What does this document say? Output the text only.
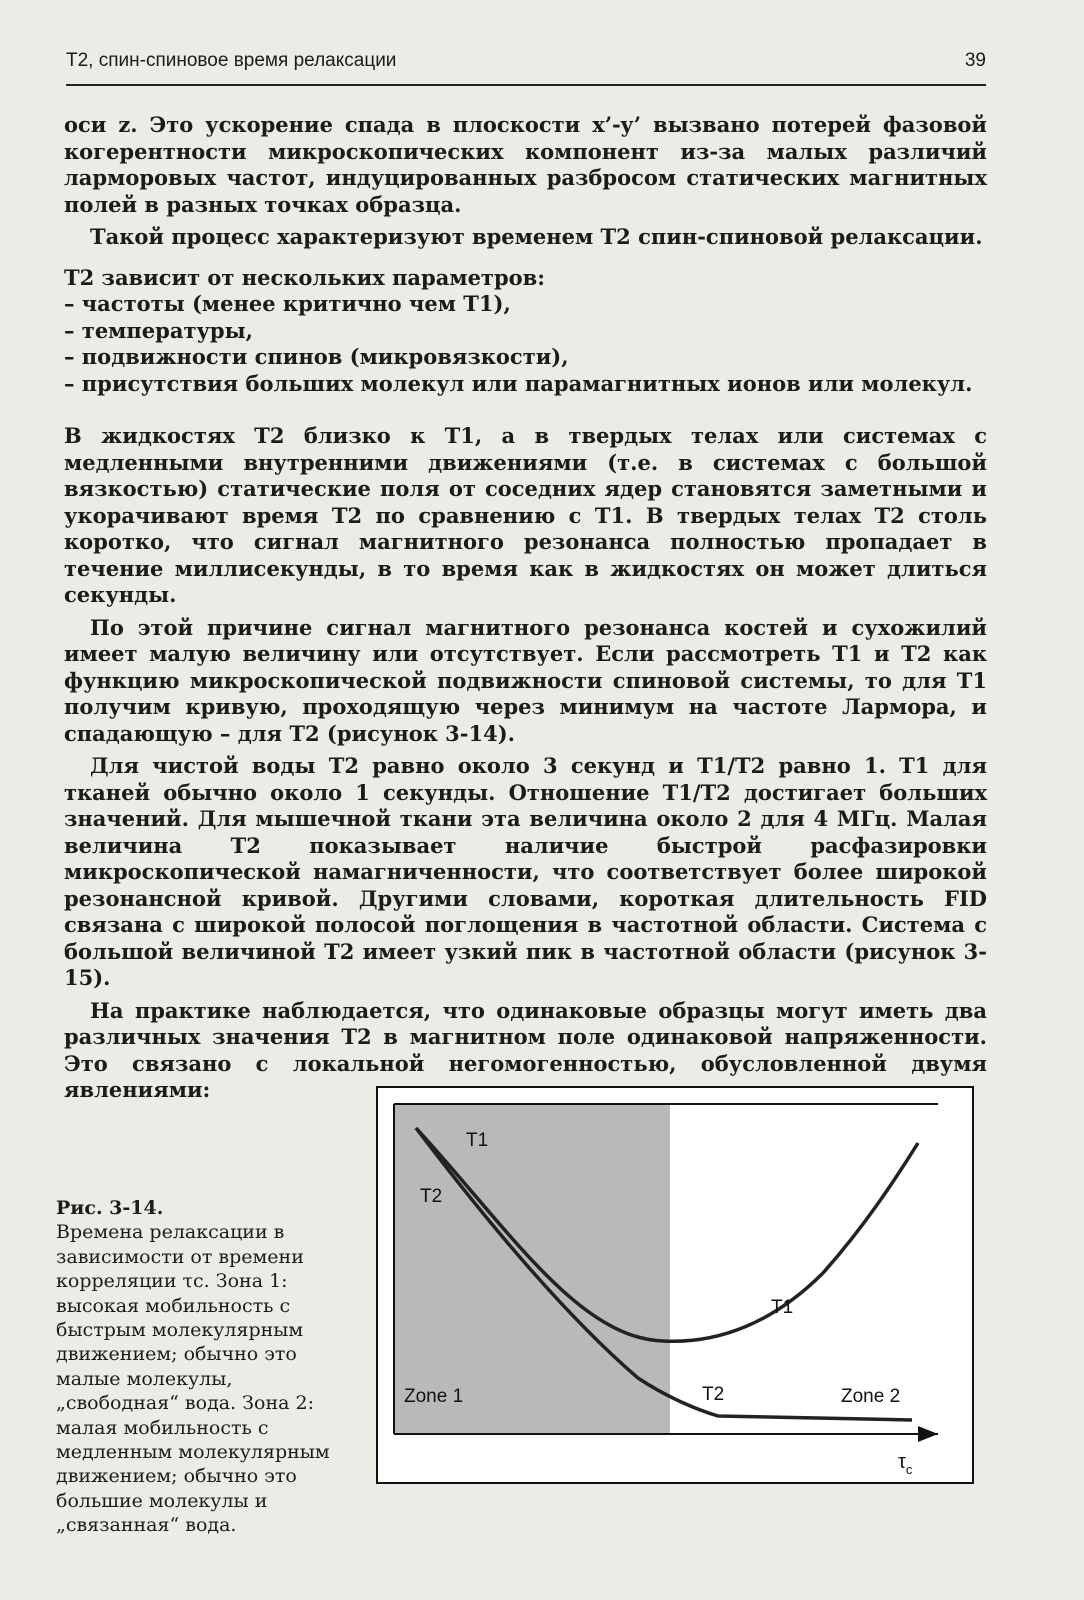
Т2, спин-спиновое время релаксации	39

оси z. Это ускорение спада в плоскости x’-y’ вызвано потерей фазовой когерентности микроскопических компонент из-за малых различий ларморовых частот, индуцированных разбросом статических магнитных полей в разных точках образца.

Такой процесс характеризуют временем T2 спин-спиновой релаксации.

T2 зависит от нескольких параметров:

– частоты (менее критично чем T1),
– температуры,
– подвижности спинов (микровязкости),
– присутствия больших молекул или парамагнитных ионов или молекул.

В жидкостях T2 близко к T1, а в твердых телах или системах с медленными внутренними движениями (т.е. в системах с большой вязкостью) статические поля от соседних ядер становятся заметными и укорачивают время T2 по сравнению с T1. В твердых телах T2 столь коротко, что сигнал магнитного резонанса полностью пропадает в течение миллисекунды, в то время как в жидкостях он может длиться секунды.

По этой причине сигнал магнитного резонанса костей и сухожилий имеет малую величину или отсутствует. Если рассмотреть T1 и T2 как функцию микроскопической подвижности спиновой системы, то для T1 получим кривую, проходящую через минимум на частоте Лармора, и спадающую – для T2 (рисунок 3-14).

Для чистой воды T2 равно около 3 секунд и T1/T2 равно 1. T1 для тканей обычно около 1 секунды. Отношение T1/T2 достигает больших значений. Для мышечной ткани эта величина около 2 для 4 МГц. Малая величина T2 показывает наличие быстрой расфазировки микроскопической намагниченности, что соответствует более широкой резонансной кривой. Другими словами, короткая длительность FID связана с широкой полосой поглощения в частотной области. Система с большой величиной T2 имеет узкий пик в частотной области (рисунок 3-15).

На практике наблюдается, что одинаковые образцы могут иметь два различных значения T2 в магнитном поле одинаковой напряженности. Это связано с локальной негомогенностью, обусловленной двумя явлениями:

Рис. 3-14.
Времена релаксации в зависимости от времени корреляции τc. Зона 1: высокая мобильность с быстрым молекулярным движением; обычно это малые молекулы, „свободная“ вода. Зона 2: малая мобильность с медленным молекулярным движением; обычно это большие молекулы и „связанная“ вода.
T1
T2
T1
T2
Zone 1	Zone 2
$\tau_c$
